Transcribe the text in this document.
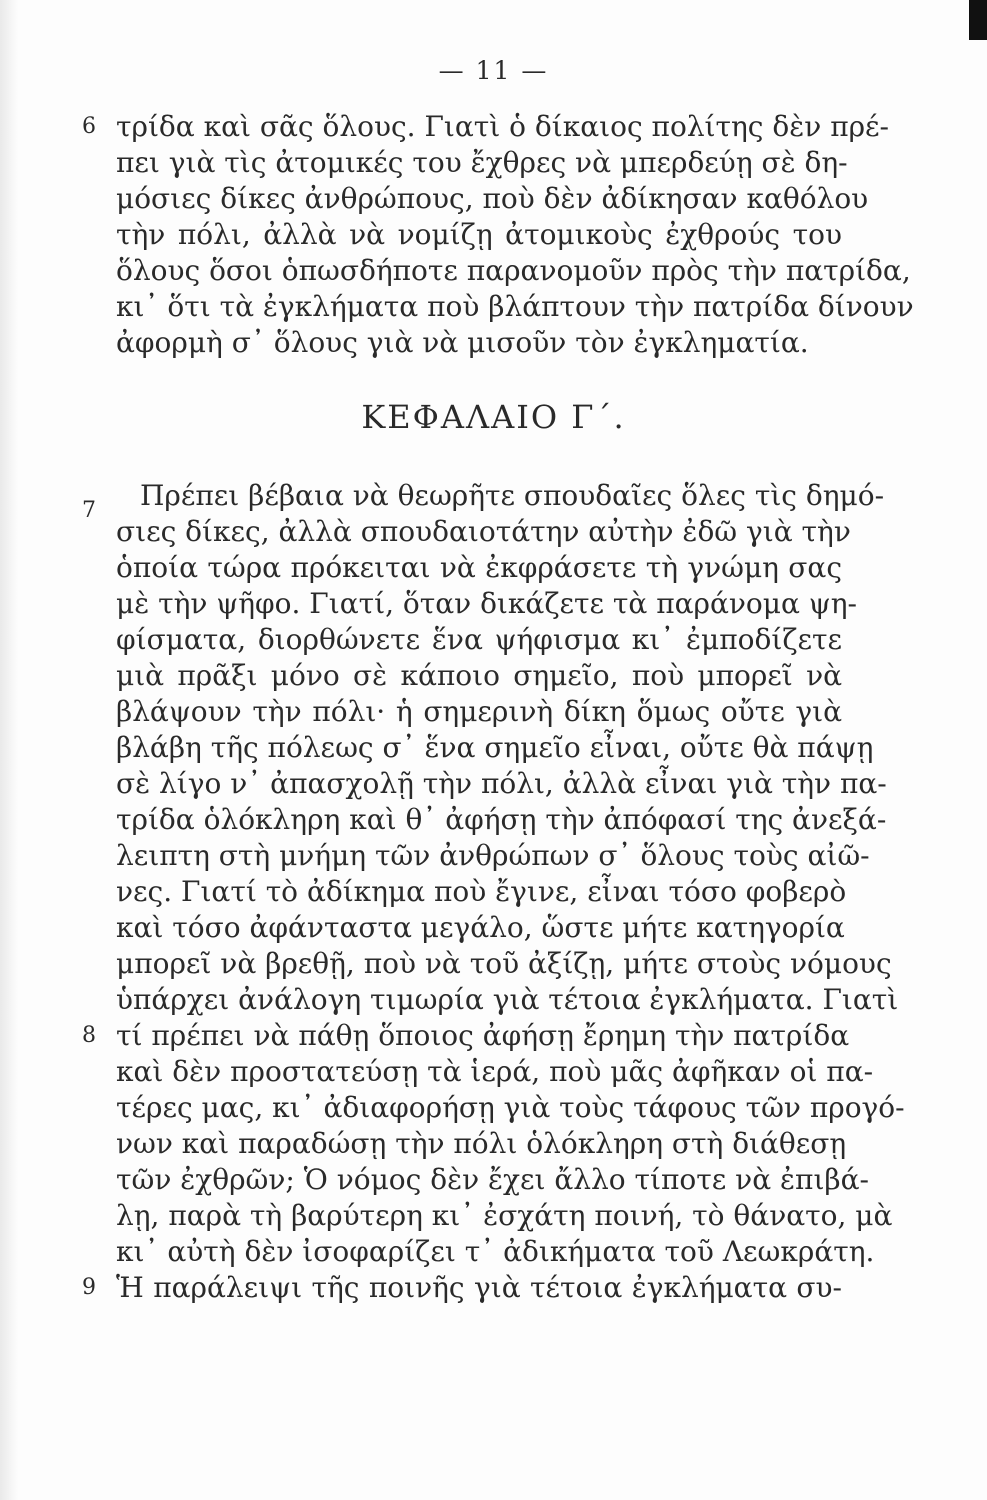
— 11 —
6 τρίδα καὶ σᾶς ὅλους. Γιατὶ ὁ δίκαιος πολίτης δὲν πρέ-
πει γιὰ τὶς ἀτομικές του ἔχθρες νὰ μπερδεύῃ σὲ δη-
μόσιες δίκες ἀνθρώπους, ποὺ δὲν ἀδίκησαν καθόλου
τὴν πόλι, ἀλλὰ νὰ νομίζῃ ἀτομικοὺς ἐχθρούς του
ὅλους ὅσοι ὁπωσδήποτε παρανομοῦν πρὸς τὴν πατρίδα,
κι᾽ ὅτι τὰ ἐγκλήματα ποὺ βλάπτουν τὴν πατρίδα δίνουν
ἀφορμὴ σ᾽ ὅλους γιὰ νὰ μισοῦν τὸν ἐγκληματία.
ΚΕΦΑΛΑΙΟ Γ΄.
7 Πρέπει βέβαια νὰ θεωρῆτε σπουδαῖες ὅλες τὶς δημό-
σιες δίκες, ἀλλὰ σπουδαιοτάτην αὐτὴν ἐδῶ γιὰ τὴν
ὁποία τώρα πρόκειται νὰ ἐκφράσετε τὴ γνώμη σας
μὲ τὴν ψῆφο. Γιατί, ὅταν δικάζετε τὰ παράνομα ψη-
φίσματα, διορθώνετε ἕνα ψήφισμα κι᾽ ἐμποδίζετε
μιὰ πρᾶξι μόνο σὲ κάποιο σημεῖο, ποὺ μπορεῖ νὰ
βλάψουν τὴν πόλι· ἡ σημερινὴ δίκη ὅμως οὔτε γιὰ
βλάβη τῆς πόλεως σ᾽ ἕνα σημεῖο εἶναι, οὔτε θὰ πάψῃ
σὲ λίγο ν᾽ ἀπασχολῇ τὴν πόλι, ἀλλὰ εἶναι γιὰ τὴν πα-
τρίδα ὁλόκληρη καὶ θ᾽ ἀφήσῃ τὴν ἀπόφασί της ἀνεξά-
λειπτη στὴ μνήμη τῶν ἀνθρώπων σ᾽ ὅλους τοὺς αἰῶ-
νες. Γιατί τὸ ἀδίκημα ποὺ ἔγινε, εἶναι τόσο φοβερὸ
καὶ τόσο ἀφάνταστα μεγάλο, ὥστε μήτε κατηγορία
μπορεῖ νὰ βρεθῇ, ποὺ νὰ τοῦ ἀξίζῃ, μήτε στοὺς νόμους
ὑπάρχει ἀνάλογη τιμωρία γιὰ τέτοια ἐγκλήματα. Γιατὶ
8 τί πρέπει νὰ πάθῃ ὅποιος ἀφήσῃ ἔρημη τὴν πατρίδα
καὶ δὲν προστατεύσῃ τὰ ἱερά, ποὺ μᾶς ἀφῆκαν οἱ πα-
τέρες μας, κι᾽ ἀδιαφορήσῃ γιὰ τοὺς τάφους τῶν προγό-
νων καὶ παραδώσῃ τὴν πόλι ὁλόκληρη στὴ διάθεσῃ
τῶν ἐχθρῶν; Ὁ νόμος δὲν ἔχει ἄλλο τίποτε νὰ ἐπιβά-
λῃ, παρὰ τὴ βαρύτερη κι᾽ ἐσχάτη ποινή, τὸ θάνατο, μὰ
κι᾽ αὐτὴ δὲν ἰσοφαρίζει τ᾽ ἀδικήματα τοῦ Λεωκράτη.
9 Ἡ παράλειψι τῆς ποινῆς γιὰ τέτοια ἐγκλήματα συ-
